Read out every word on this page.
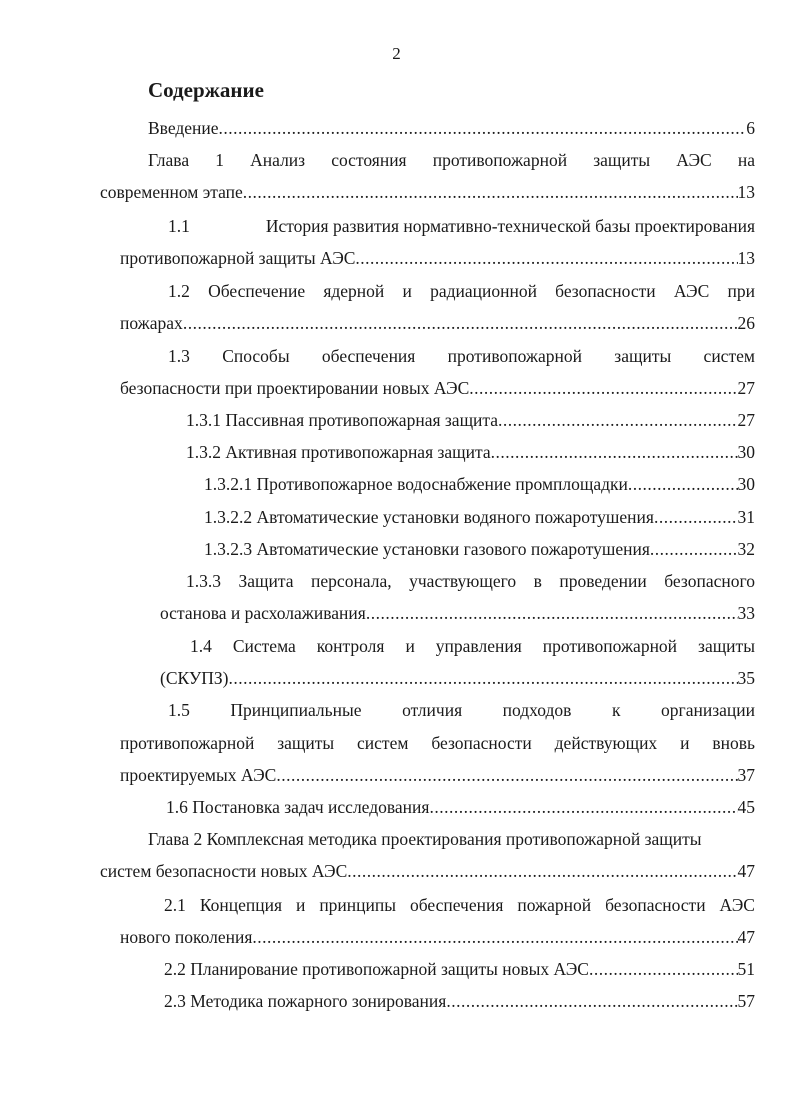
2
Содержание
Введение .....	6
Глава 1 Анализ состояния противопожарной защиты АЭС на
современном этапе .....	13
1.1	История развития нормативно-технической базы проектирования
противопожарной защиты АЭС .....	13
1.2 Обеспечение ядерной и радиационной безопасности АЭС при
пожарах .....	26
1.3 Способы обеспечения противопожарной защиты систем
безопасности при проектировании новых АЭС .....	27
1.3.1 Пассивная противопожарная защита .....	27
1.3.2 Активная противопожарная защита .....	30
1.3.2.1 Противопожарное водоснабжение промплощадки .....	30
1.3.2.2 Автоматические установки водяного пожаротушения .....	31
1.3.2.3 Автоматические установки газового пожаротушения .....	32
1.3.3 Защита персонала, участвующего в проведении безопасного
останова и расхолаживания .....	33
1.4 Система контроля и управления противопожарной защиты
(СКУПЗ) .....	35
1.5 Принципиальные отличия подходов к организации
противопожарной защиты систем безопасности действующих и вновь
проектируемых АЭС .....	37
1.6 Постановка задач исследования .....	45
Глава 2 Комплексная методика проектирования противопожарной защиты
систем безопасности новых АЭС .....	47
2.1 Концепция и принципы обеспечения пожарной безопасности АЭС
нового поколения .....	47
2.2 Планирование противопожарной защиты новых АЭС .....	51
2.3 Методика пожарного зонирования .....	57
